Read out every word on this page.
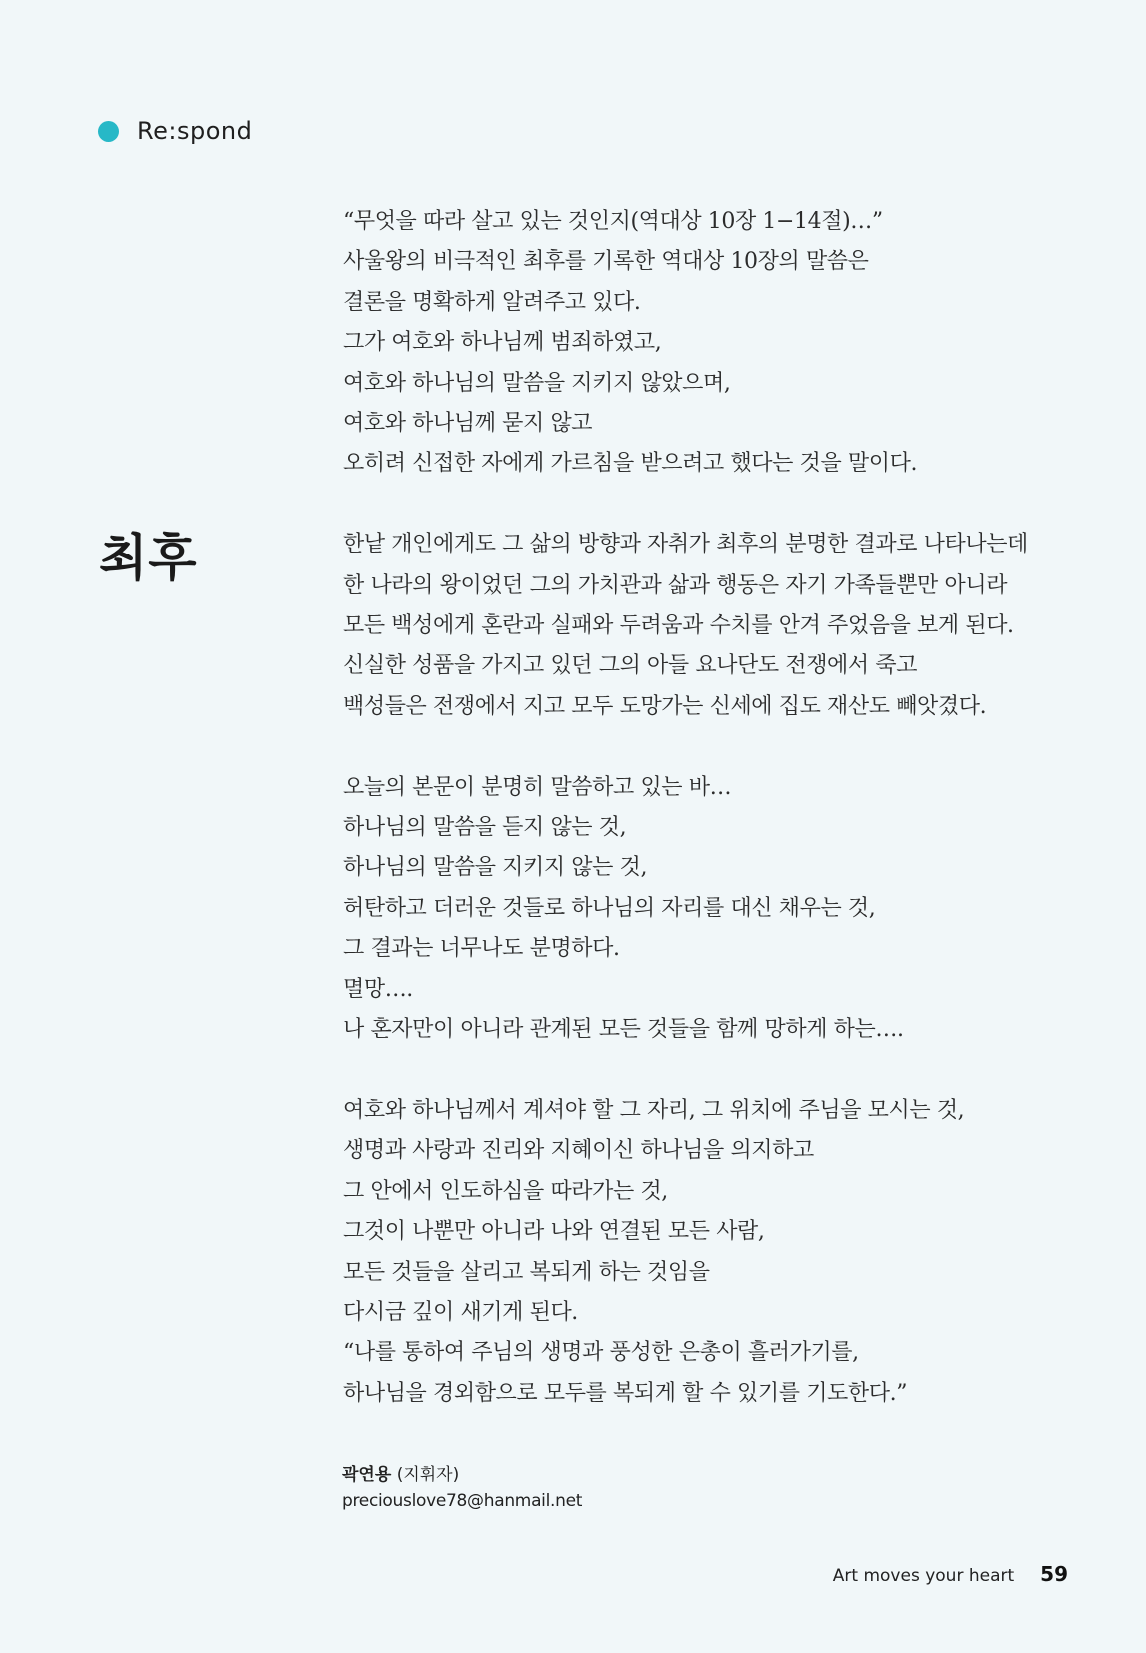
Re:spond
최후

“무엇을 따라 살고 있는 것인지(역대상 10장 1−14절)…”
사울왕의 비극적인 최후를 기록한 역대상 10장의 말씀은
결론을 명확하게 알려주고 있다.
그가 여호와 하나님께 범죄하였고,
여호와 하나님의 말씀을 지키지 않았으며,
여호와 하나님께 묻지 않고
오히려 신접한 자에게 가르침을 받으려고 했다는 것을 말이다.

한낱 개인에게도 그 삶의 방향과 자취가 최후의 분명한 결과로 나타나는데
한 나라의 왕이었던 그의 가치관과 삶과 행동은 자기 가족들뿐만 아니라
모든 백성에게 혼란과 실패와 두려움과 수치를 안겨 주었음을 보게 된다.
신실한 성품을 가지고 있던 그의 아들 요나단도 전쟁에서 죽고
백성들은 전쟁에서 지고 모두 도망가는 신세에 집도 재산도 빼앗겼다.

오늘의 본문이 분명히 말씀하고 있는 바…
하나님의 말씀을 듣지 않는 것,
하나님의 말씀을 지키지 않는 것,
허탄하고 더러운 것들로 하나님의 자리를 대신 채우는 것,
그 결과는 너무나도 분명하다.
멸망….
나 혼자만이 아니라 관계된 모든 것들을 함께 망하게 하는….

여호와 하나님께서 계셔야 할 그 자리, 그 위치에 주님을 모시는 것,
생명과 사랑과 진리와 지혜이신 하나님을 의지하고
그 안에서 인도하심을 따라가는 것,
그것이 나뿐만 아니라 나와 연결된 모든 사람,
모든 것들을 살리고 복되게 하는 것임을
다시금 깊이 새기게 된다.
“나를 통하여 주님의 생명과 풍성한 은총이 흘러가기를,
하나님을 경외함으로 모두를 복되게 할 수 있기를 기도한다.”

곽연용 (지휘자)
preciouslove78@hanmail.net
Art moves your heart 59
